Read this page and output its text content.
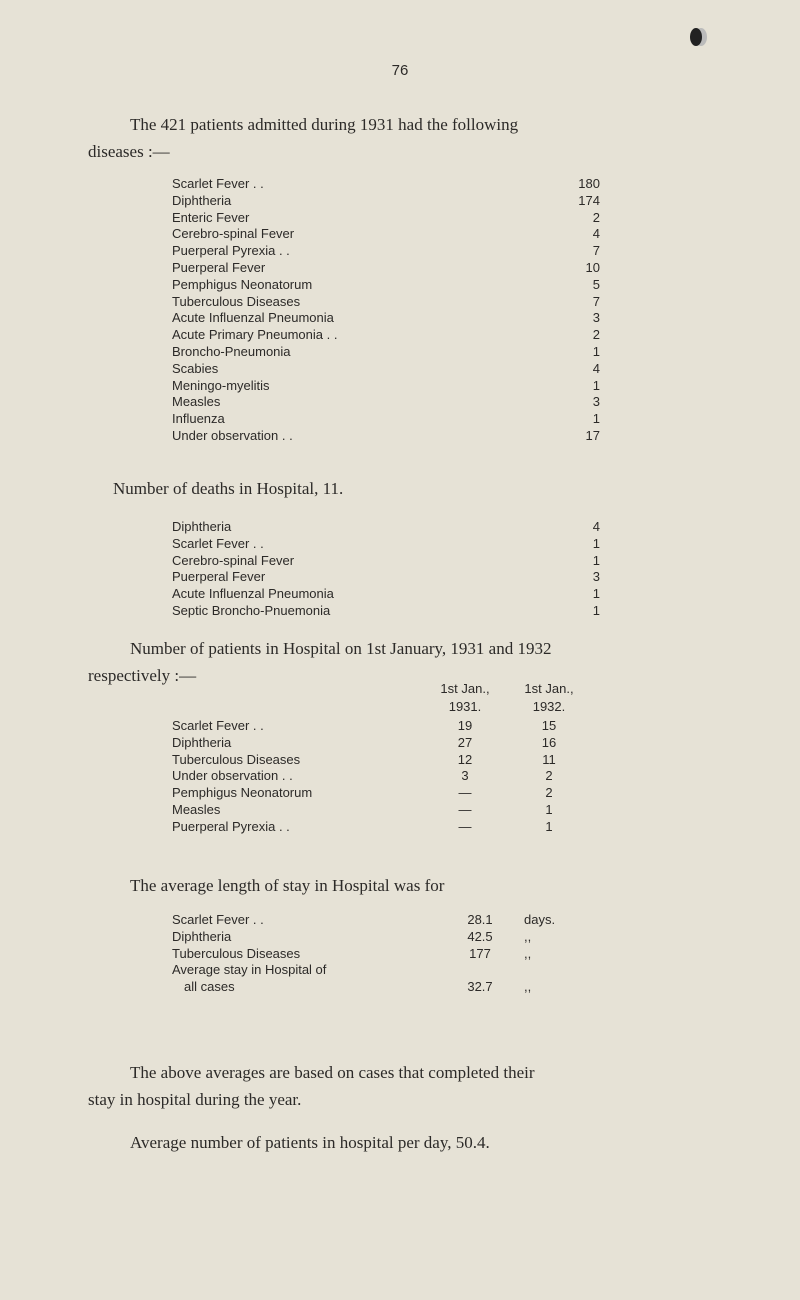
76
The 421 patients admitted during 1931 had the following
diseases :—
Scarlet Fever . .	180
Diphtheria	174
Enteric Fever	2
Cerebro-spinal Fever	4
Puerperal Pyrexia . .	7
Puerperal Fever	10
Pemphigus Neonatorum	5
Tuberculous Diseases	7
Acute Influenzal Pneumonia	3
Acute Primary Pneumonia . .	2
Broncho-Pneumonia	1
Scabies	4
Meningo-myelitis	1
Measles	3
Influenza	1
Under observation . .	17
Number of deaths in Hospital, 11.
Diphtheria	4
Scarlet Fever . .	1
Cerebro-spinal Fever	1
Puerperal Fever	3
Acute Influenzal Pneumonia	1
Septic Broncho-Pnuemonia	1
Number of patients in Hospital on 1st January, 1931 and 1932
respectively :—
1st Jan.,
1931.
1st Jan.,
1932.
Scarlet Fever . .	19	15
Diphtheria	27	16
Tuberculous Diseases	12	11
Under observation . .	3	2
Pemphigus Neonatorum	—	2
Measles	—	1
Puerperal Pyrexia . .	—	1
The average length of stay in Hospital was for
Scarlet Fever . .	28.1	days.
Diphtheria	42.5	,,
Tuberculous Diseases	177	,,
Average stay in Hospital of
all cases	32.7	,,
The above averages are based on cases that completed their
stay in hospital during the year.
Average number of patients in hospital per day, 50.4.
